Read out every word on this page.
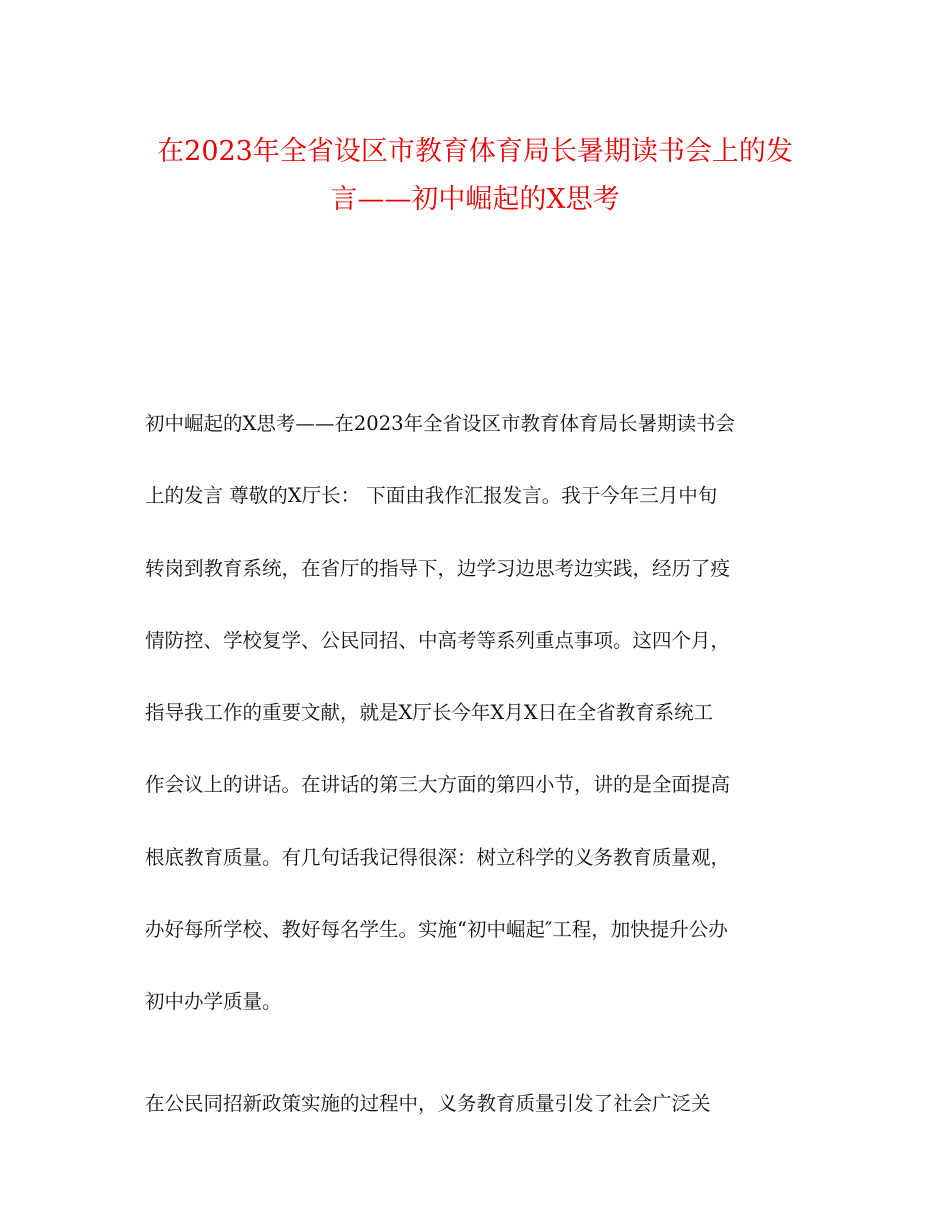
在2023年全省设区市教育体育局长暑期读书会上的发
言——初中崛起的X思考
初中崛起的X思考——在2023年全省设区市教育体育局长暑期读书会
上的发言 尊敬的X厅长： 下面由我作汇报发言。我于今年三月中旬
转岗到教育系统，在省厅的指导下，边学习边思考边实践，经历了疫
情防控、学校复学、公民同招、中高考等系列重点事项。这四个月，
指导我工作的重要文献，就是X厅长今年X月X日在全省教育系统工
作会议上的讲话。在讲话的第三大方面的第四小节，讲的是全面提高
根底教育质量。有几句话我记得很深：树立科学的义务教育质量观，
办好每所学校、教好每名学生。实施“初中崛起″工程，加快提升公办
初中办学质量。
在公民同招新政策实施的过程中，义务教育质量引发了社会广泛关
